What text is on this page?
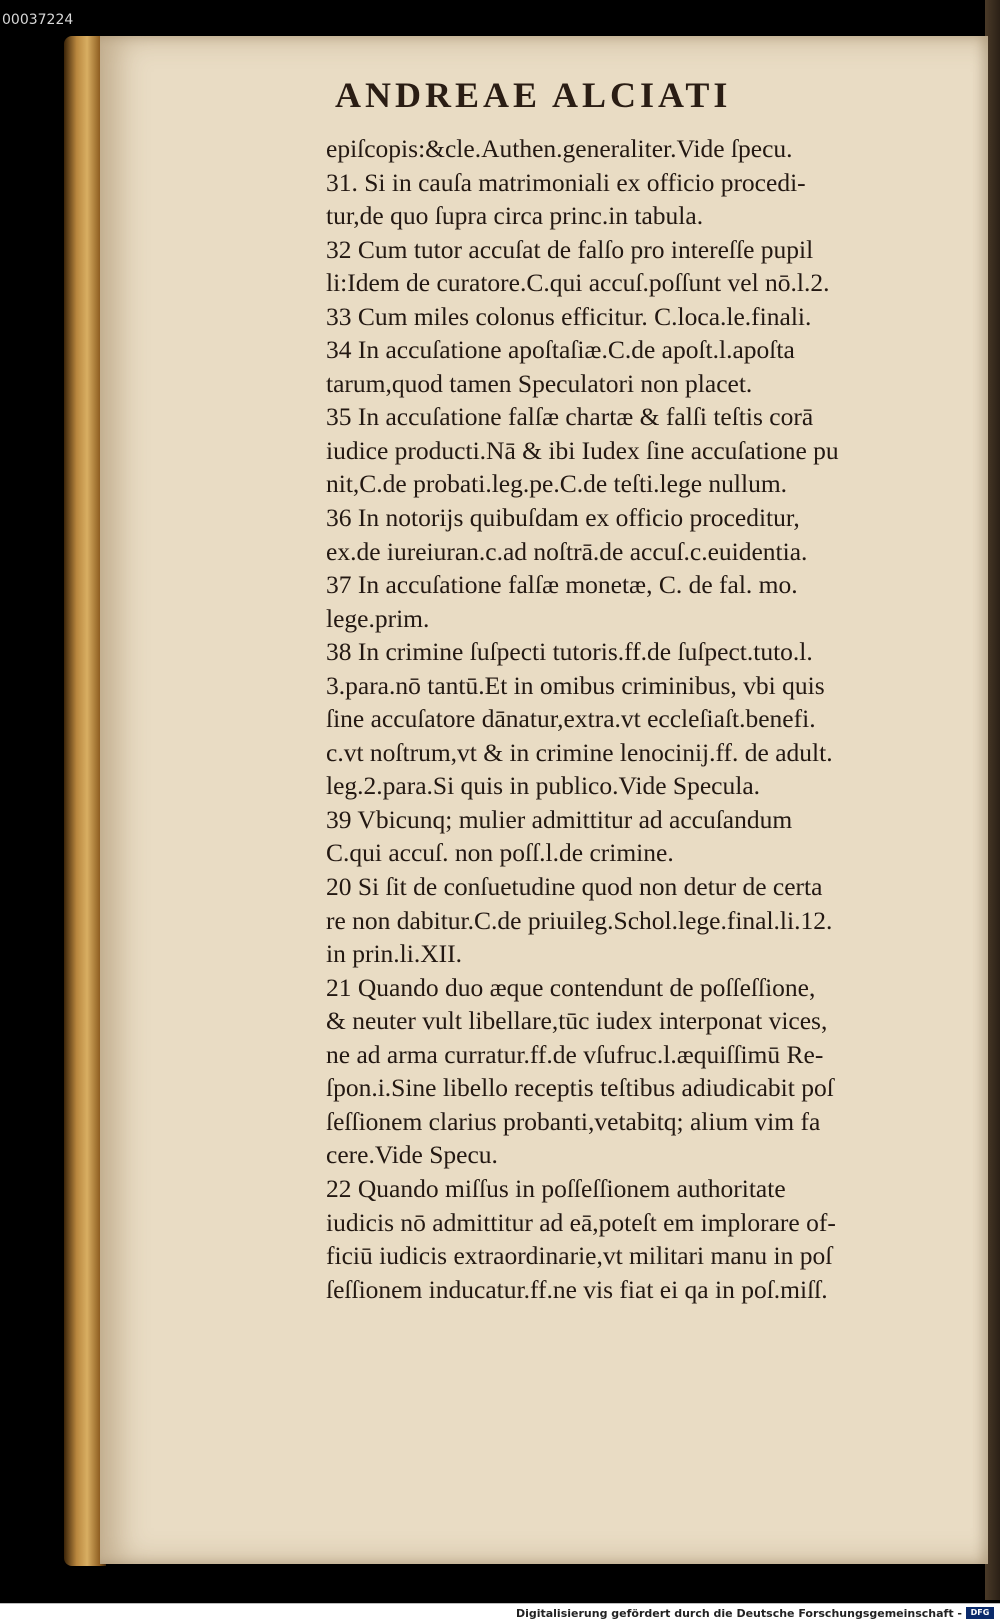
00037224
ANDREAE ALCIATI
epiſcopis:&cle.Authen.generaliter.Vide ſpecu.
31. Si in cauſa matrimoniali ex officio procedi-
tur,de quo ſupra circa princ.in tabula.
32 Cum tutor accuſat de falſo pro intereſſe pupil
li:Idem de curatore.C.qui accuſ.poſſunt vel nō.l.2.
33 Cum miles colonus efficitur. C.loca.le.finali.
34 In accuſatione apoſtaſiæ.C.de apoſt.l.apoſta
tarum,quod tamen Speculatori non placet.
35 In accuſatione falſæ chartæ & falſi teſtis corā
iudice producti.Nā & ibi Iudex ſine accuſatione pu
nit,C.de probati.leg.pe.C.de teſti.lege nullum.
36 In notorijs quibuſdam ex officio proceditur,
ex.de iureiuran.c.ad noſtrā.de accuſ.c.euidentia.
37 In accuſatione falſæ monetæ, C. de fal. mo.
lege.prim.
38 In crimine ſuſpecti tutoris.ff.de ſuſpect.tuto.l.
3.para.nō tantū.Et in omibus criminibus, vbi quis
ſine accuſatore dānatur,extra.vt eccleſiaſt.benefi.
c.vt noſtrum,vt & in crimine lenocinij.ff. de adult.
leg.2.para.Si quis in publico.Vide Specula.
39 Vbicunq; mulier admittitur ad accuſandum
C.qui accuſ. non poſſ.l.de crimine.
20 Si ſit de conſuetudine quod non detur de certa
re non dabitur.C.de priuileg.Schol.lege.final.li.12.
in prin.li.XII.
21 Quando duo æque contendunt de poſſeſſione,
& neuter vult libellare,tūc iudex interponat vices,
ne ad arma curratur.ff.de vſufruc.l.æquiſſimū Re-
ſpon.i.Sine libello receptis teſtibus adiudicabit poſ
ſeſſionem clarius probanti,vetabitq; alium vim fa
cere.Vide Specu.
22 Quando miſſus in poſſeſſionem authoritate
iudicis nō admittitur ad eā,poteſt em implorare of-
ficiū iudicis extraordinarie,vt militari manu in poſ
ſeſſionem inducatur.ff.ne vis fiat ei qa in poſ.miſſ.
Digitalisierung gefördert durch die Deutsche Forschungsgemeinschaft -	DFG
